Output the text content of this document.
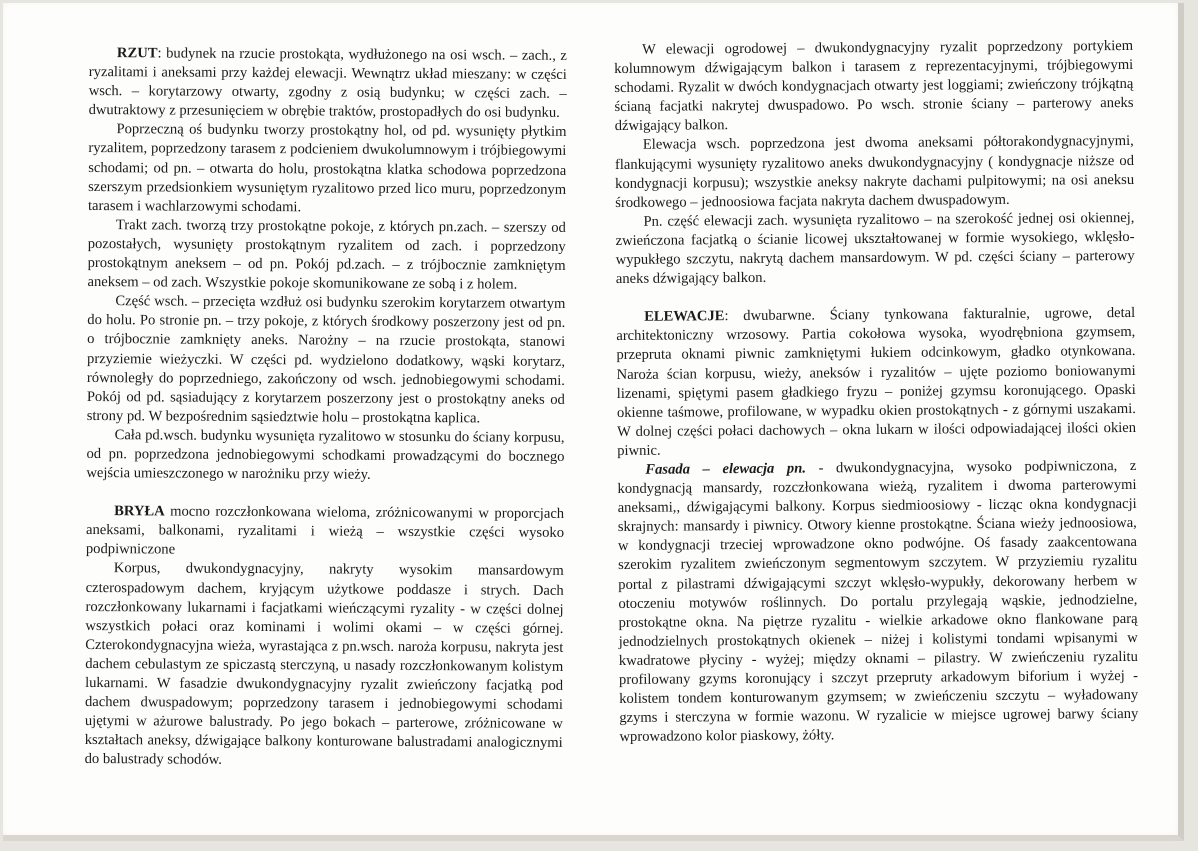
RZUT: budynek na rzucie prostokąta, wydłużonego na osi wsch. – zach., z ryzalitami i aneksami przy każdej elewacji. Wewnątrz układ mieszany: w części wsch. – korytarzowy otwarty, zgodny z osią budynku; w części zach. – dwutraktowy z przesunięciem w obrębie traktów, prostopadłych do osi budynku.

Poprzeczną oś budynku tworzy prostokątny hol, od pd. wysunięty płytkim ryzalitem, poprzedzony tarasem z podcieniem dwukolumnowym i trójbiegowymi schodami; od pn. – otwarta do holu, prostokątna klatka schodowa poprzedzona szerszym przedsionkiem wysuniętym ryzalitowo przed lico muru, poprzedzonym tarasem i wachlarzowymi schodami.

Trakt zach. tworzą trzy prostokątne pokoje, z których pn.zach. – szerszy od pozostałych, wysunięty prostokątnym ryzalitem od zach. i poprzedzony prostokątnym aneksem – od pn. Pokój pd.zach. – z trójbocznie zamkniętym aneksem – od zach. Wszystkie pokoje skomunikowane ze sobą i z holem.

Część wsch. – przecięta wzdłuż osi budynku szerokim korytarzem otwartym do holu. Po stronie pn. – trzy pokoje, z których środkowy poszerzony jest od pn. o trójbocznie zamknięty aneks. Narożny – na rzucie prostokąta, stanowi przyziemie wieżyczki. W części pd. wydzielono dodatkowy, wąski korytarz, równoległy do poprzedniego, zakończony od wsch. jednobiegowymi schodami. Pokój od pd. sąsiadujący z korytarzem poszerzony jest o prostokątny aneks od strony pd. W bezpośrednim sąsiedztwie holu – prostokątna kaplica.

Cała pd.wsch. budynku wysunięta ryzalitowo w stosunku do ściany korpusu, od pn. poprzedzona jednobiegowymi schodkami prowadzącymi do bocznego wejścia umieszczonego w narożniku przy wieży.

BRYŁA mocno rozczłonkowana wieloma, zróżnicowanymi w proporcjach aneksami, balkonami, ryzalitami i wieżą – wszystkie części wysoko podpiwniczone

Korpus, dwukondygnacyjny, nakryty wysokim mansardowym czterospadowym dachem, kryjącym użytkowe poddasze i strych. Dach rozczłonkowany lukarnami i facjatkami wieńczącymi ryzality - w części dolnej wszystkich połaci oraz kominami i wolimi okami – w części górnej. Czterokondygnacyjna wieża, wyrastająca z pn.wsch. naroża korpusu, nakryta jest dachem cebulastym ze spiczastą sterczyną, u nasady rozczłonkowanym kolistym lukarnami. W fasadzie dwukondygnacyjny ryzalit zwieńczony facjatką pod dachem dwuspadowym; poprzedzony tarasem i jednobiegowymi schodami ujętymi w ażurowe balustrady. Po jego bokach – parterowe, zróżnicowane w kształtach aneksy, dźwigające balkony konturowane balustradami analogicznymi do balustrady schodów.

W elewacji ogrodowej – dwukondygnacyjny ryzalit poprzedzony portykiem kolumnowym dźwigającym balkon i tarasem z reprezentacyjnymi, trójbiegowymi schodami. Ryzalit w dwóch kondygnacjach otwarty jest loggiami; zwieńczony trójkątną ścianą facjatki nakrytej dwuspadowo. Po wsch. stronie ściany – parterowy aneks dźwigający balkon.

Elewacja wsch. poprzedzona jest dwoma aneksami półtorakondygnacyjnymi, flankującymi wysunięty ryzalitowo aneks dwukondygnacyjny ( kondygnacje niższe od kondygnacji korpusu); wszystkie aneksy nakryte dachami pulpitowymi; na osi aneksu środkowego – jednoosiowa facjata nakryta dachem dwuspadowym.

Pn. część elewacji zach. wysunięta ryzalitowo – na szerokość jednej osi okiennej, zwieńczona facjatką o ścianie licowej ukształtowanej w formie wysokiego, wklęsło-wypukłego szczytu, nakrytą dachem mansardowym. W pd. części ściany – parterowy aneks dźwigający balkon.

ELEWACJE: dwubarwne. Ściany tynkowana fakturalnie, ugrowe, detal architektoniczny wrzosowy. Partia cokołowa wysoka, wyodrębniona gzymsem, przeprutа oknami piwnic zamkniętymi łukiem odcinkowym, gładko otynkowana. Naroża ścian korpusu, wieży, aneksów i ryzalitów – ujęte poziomo boniowanymi lizenami, spiętymi pasem gładkiego fryzu – poniżej gzymsu koronującego. Opaski okienne taśmowe, profilowane, w wypadku okien prostokątnych - z górnymi uszakami. W dolnej części połaci dachowych – okna lukarn w ilości odpowiadającej ilości okien piwnic.

Fasada – elewacja pn. - dwukondygnacyjna, wysoko podpiwniczona, z kondygnacją mansardy, rozczłonkowana wieżą, ryzalitem i dwoma parterowymi aneksami,, dźwigającymi balkony. Korpus siedmioosiowy - licząc okna kondygnacji skrajnych: mansardy i piwnicy. Otwory kienne prostokątne. Ściana wieży jednoosiowa, w kondygnacji trzeciej wprowadzone okno podwójne. Oś fasady zaakcentowana szerokim ryzalitem zwieńczonym segmentowym szczytem. W przyziemiu ryzalitu portal z pilastrami dźwigającymi szczyt wklęsło-wypukły, dekorowany herbem w otoczeniu motywów roślinnych. Do portalu przylegają wąskie, jednodzielne, prostokątne okna. Na piętrze ryzalitu - wielkie arkadowe okno flankowane parą jednodzielnych prostokątnych okienek – niżej i kolistymi tondami wpisanymi w kwadratowe płyciny - wyżej; między oknami – pilastry. W zwieńczeniu ryzalitu profilowany gzyms koronujący i szczyt przepruty arkadowym biforium i wyżej - kolistem tondem konturowanym gzymsem; w zwieńczeniu szczytu – wyładowany gzyms i sterczyna w formie wazonu. W ryzalicie w miejsce ugrowej barwy ściany wprowadzono kolor piaskowy, żółty.
